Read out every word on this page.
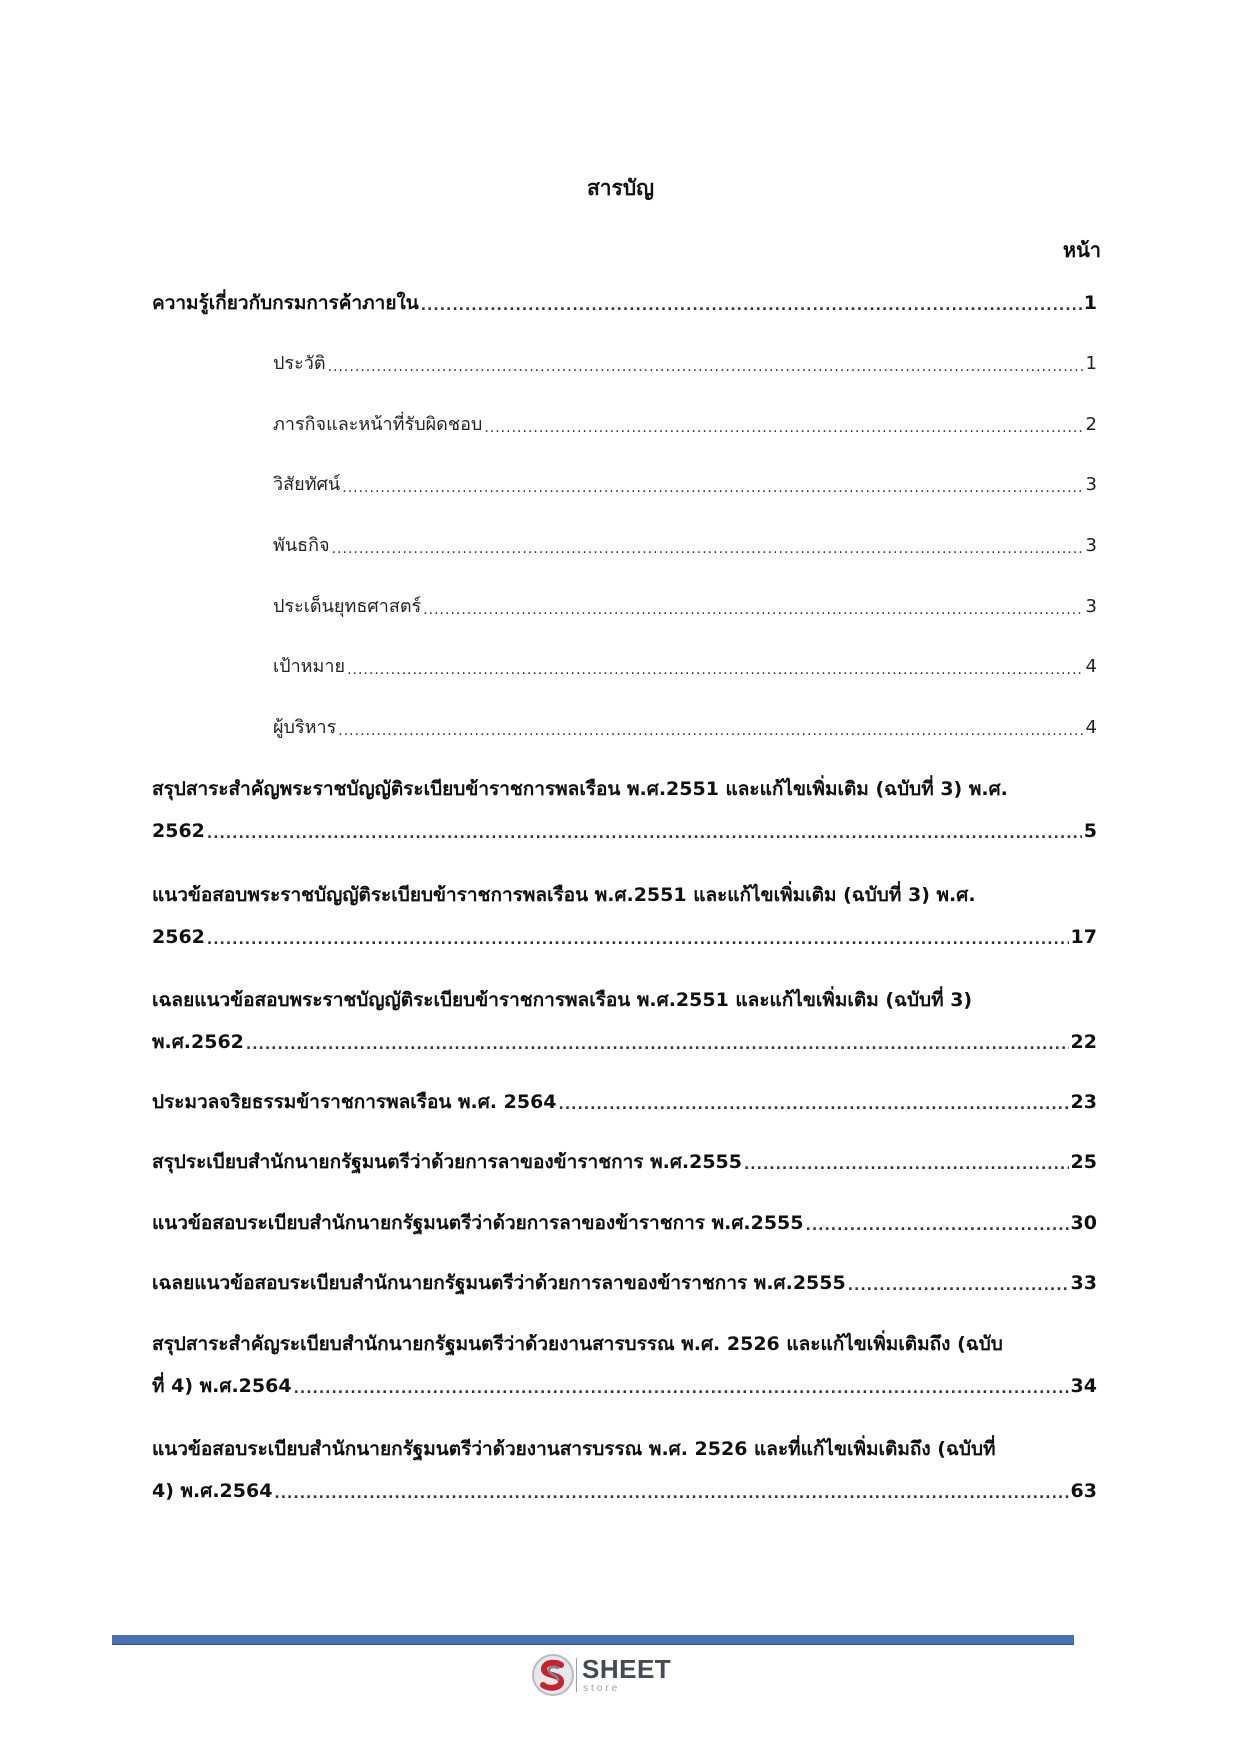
สารบัญ
หน้า
ความรู้เกี่ยวกับกรมการค้าภายใน .....	1
ประวัติ .....	1
ภารกิจและหน้าที่รับผิดชอบ .....	2
วิสัยทัศน์ .....	3
พันธกิจ .....	3
ประเด็นยุทธศาสตร์ .....	3
เป้าหมาย .....	4
ผู้บริหาร .....	4
สรุปสาระสำคัญพระราชบัญญัติระเบียบข้าราชการพลเรือน พ.ศ.2551 และแก้ไขเพิ่มเติม (ฉบับที่ 3) พ.ศ.
2562 .....	5
แนวข้อสอบพระราชบัญญัติระเบียบข้าราชการพลเรือน พ.ศ.2551 และแก้ไขเพิ่มเติม (ฉบับที่ 3) พ.ศ.
2562 .....	17
เฉลยแนวข้อสอบพระราชบัญญัติระเบียบข้าราชการพลเรือน พ.ศ.2551 และแก้ไขเพิ่มเติม (ฉบับที่ 3)
พ.ศ.2562 .....	22
ประมวลจริยธรรมข้าราชการพลเรือน พ.ศ. 2564 .....	23
สรุประเบียบสำนักนายกรัฐมนตรีว่าด้วยการลาของข้าราชการ พ.ศ.2555 .....	25
แนวข้อสอบระเบียบสำนักนายกรัฐมนตรีว่าด้วยการลาของข้าราชการ พ.ศ.2555 .....	30
เฉลยแนวข้อสอบระเบียบสำนักนายกรัฐมนตรีว่าด้วยการลาของข้าราชการ พ.ศ.2555 .....	33
สรุปสาระสำคัญระเบียบสำนักนายกรัฐมนตรีว่าด้วยงานสารบรรณ พ.ศ. 2526 และแก้ไขเพิ่มเติมถึง (ฉบับ
ที่ 4) พ.ศ.2564 .....	34
แนวข้อสอบระเบียบสำนักนายกรัฐมนตรีว่าด้วยงานสารบรรณ พ.ศ. 2526 และที่แก้ไขเพิ่มเติมถึง (ฉบับที่
4) พ.ศ.2564 .....	63
SHEET
store
